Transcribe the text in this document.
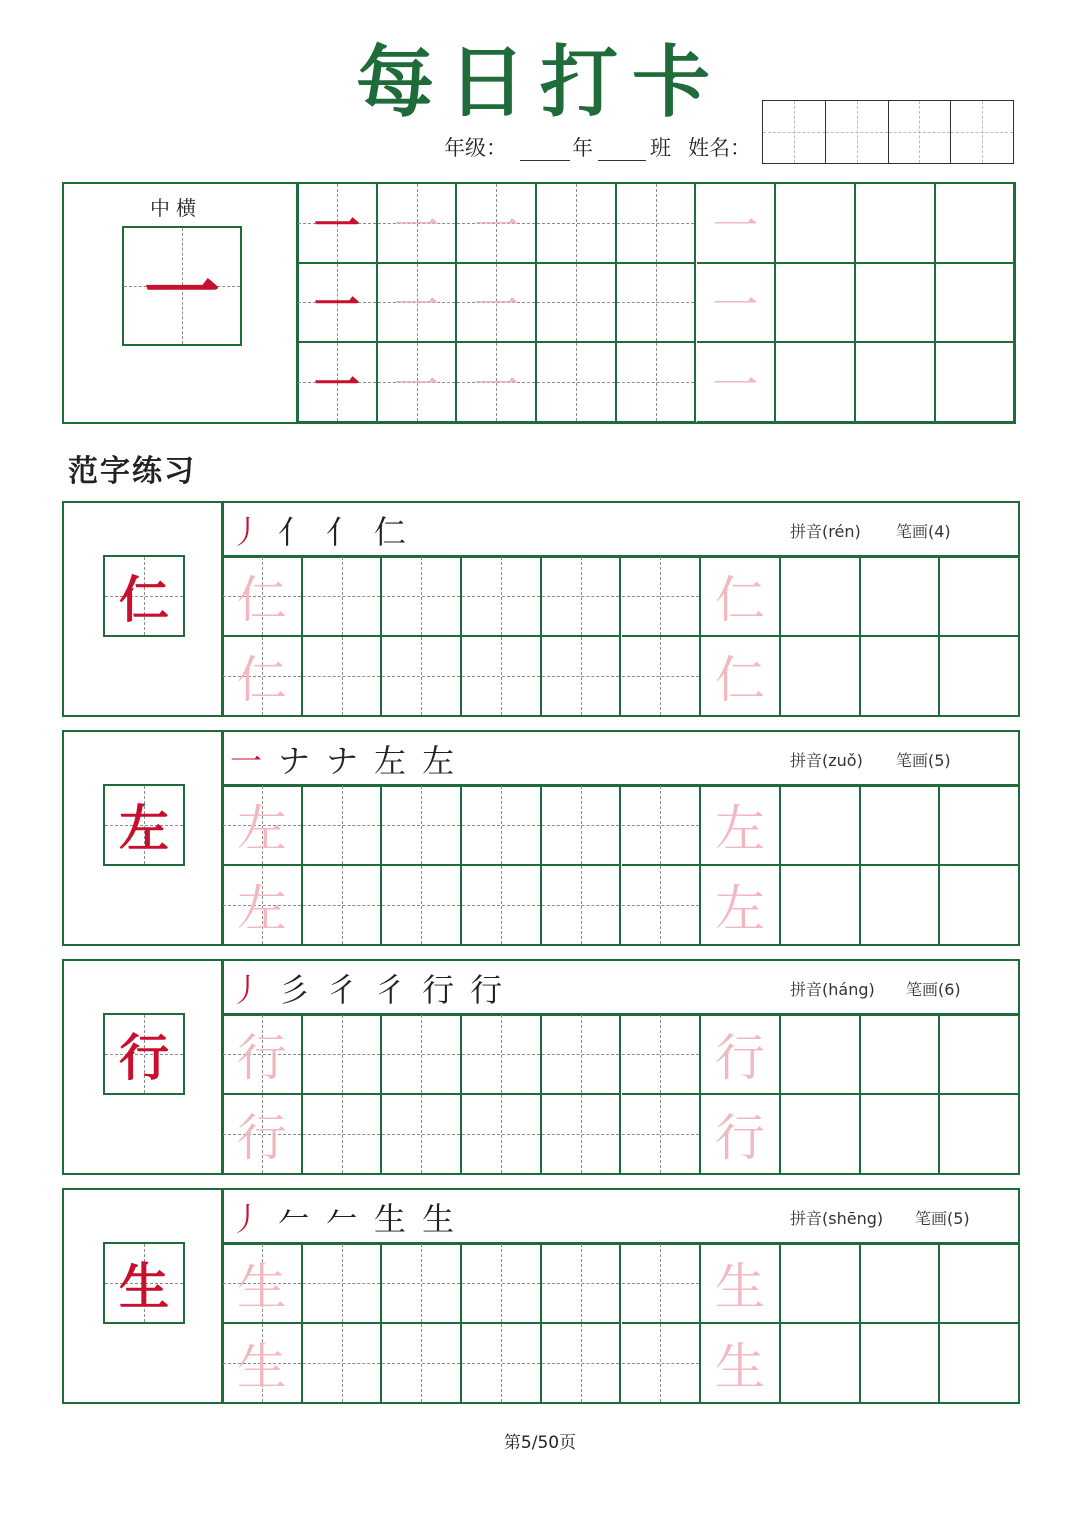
每日打卡
年级：	年	班 姓名：
中横
一
一 一 一	一
一 一 一	一
一 一 一	一
范字练习
仁
丿 亻 亻 仁	拼音(rén) 笔画(4)
仁	仁
仁	仁
左
一 ナ ナ 左 左	拼音(zuǒ) 笔画(5)
左	左
左	左
行
丿 彡 彳 彳 行 行	拼音(háng) 笔画(6)
行	行
行	行
生
丿 𠂉 𠂉 生 生	拼音(shēng) 笔画(5)
生	生
生	生
第5/50页
